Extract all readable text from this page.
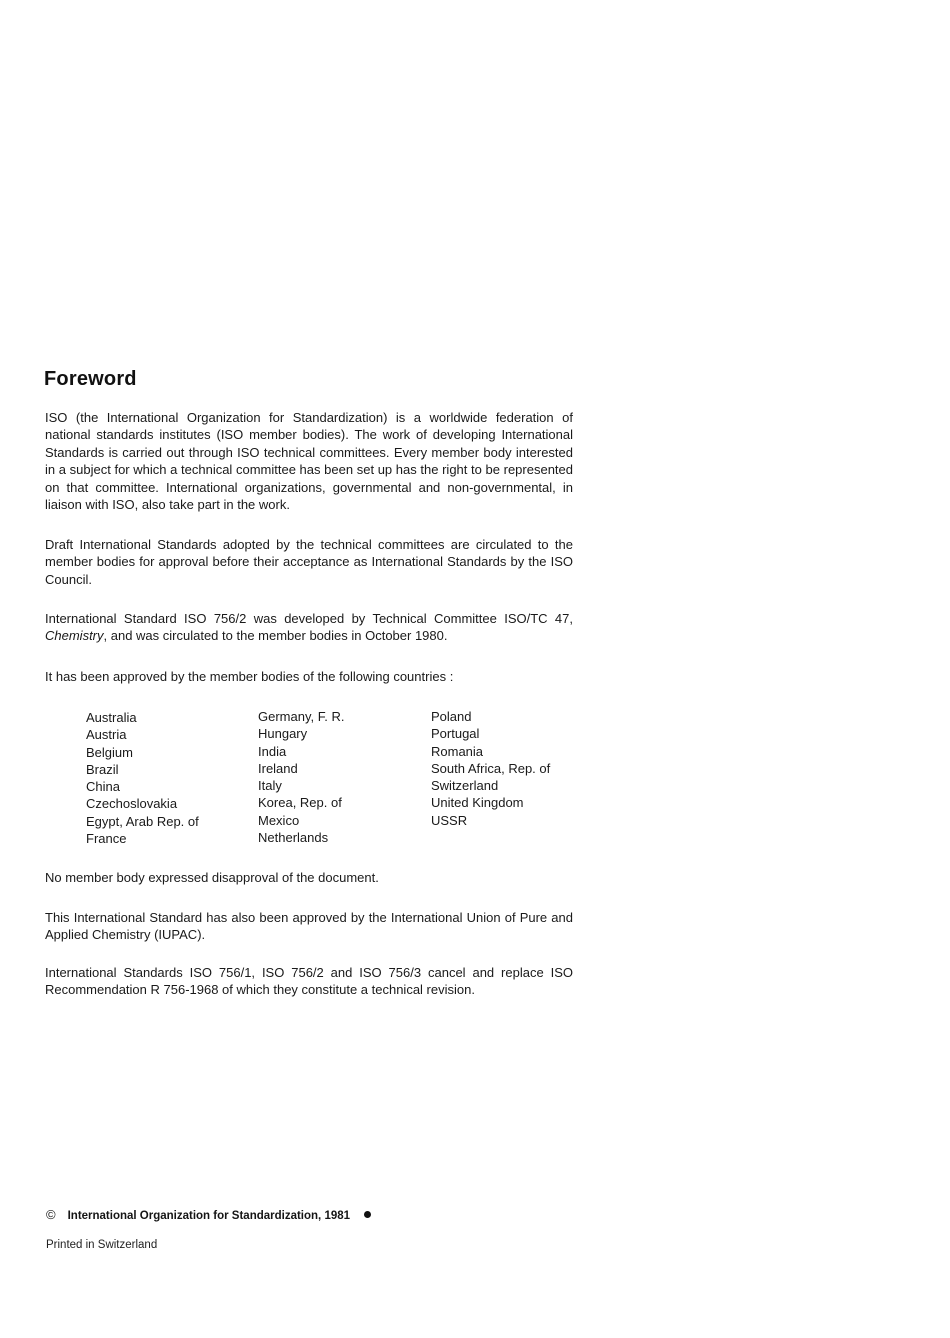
Foreword

ISO (the International Organization for Standardization) is a worldwide federation of national standards institutes (ISO member bodies). The work of developing International Standards is carried out through ISO technical committees. Every member body interested in a subject for which a technical committee has been set up has the right to be represented on that committee. International organizations, governmental and non-governmental, in liaison with ISO, also take part in the work.

Draft International Standards adopted by the technical committees are circulated to the member bodies for approval before their acceptance as International Standards by the ISO Council.

International Standard ISO 756/2 was developed by Technical Committee ISO/TC 47, Chemistry, and was circulated to the member bodies in October 1980.

It has been approved by the member bodies of the following countries :

Australia
Austria
Belgium
Brazil
China
Czechoslovakia
Egypt, Arab Rep. of
France
Germany, F. R.
Hungary
India
Ireland
Italy
Korea, Rep. of
Mexico
Netherlands
Poland
Portugal
Romania
South Africa, Rep. of
Switzerland
United Kingdom
USSR

No member body expressed disapproval of the document.

This International Standard has also been approved by the International Union of Pure and Applied Chemistry (IUPAC).

International Standards ISO 756/1, ISO 756/2 and ISO 756/3 cancel and replace ISO Recommendation R 756-1968 of which they constitute a technical revision.

© International Organization for Standardization, 1981
Printed in Switzerland
